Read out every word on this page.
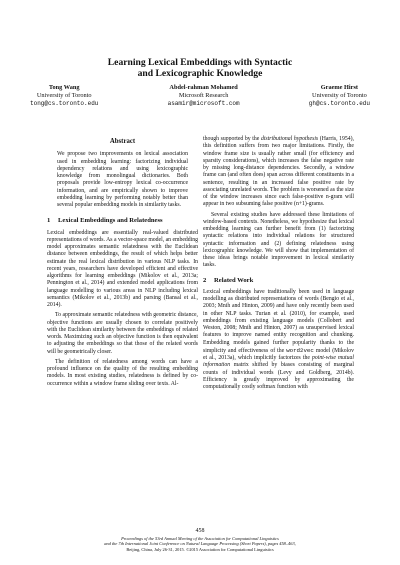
Learning Lexical Embeddings with Syntactic
and Lexicographic Knowledge
Tong Wang
University of Toronto
tong@cs.toronto.edu
Abdel-rahman Mohamed
Microsoft Research
asamir@microsoft.com
Graeme Hirst
University of Toronto
gh@cs.toronto.edu
Abstract

We propose two improvements on lexical association used in embedding learning: factorizing individual dependency relations and using lexicographic knowledge from monolingual dictionaries. Both proposals provide low-entropy lexical co-occurrence information, and are empirically shown to improve embedding learning by performing notably better than several popular embedding models in similarity tasks.

1	Lexical Embeddings and Relatedness

Lexical embeddings are essentially real-valued distributed representations of words. As a vector-space model, an embedding model approximates semantic relatedness with the Euclidean distance between embeddings, the result of which helps better estimate the real lexical distribution in various NLP tasks. In recent years, researchers have developed efficient and effective algorithms for learning embeddings (Mikolov et al., 2013a; Pennington et al., 2014) and extended model applications from language modelling to various areas in NLP including lexical semantics (Mikolov et al., 2013b) and parsing (Bansal et al., 2014).

To approximate semantic relatedness with geometric distance, objective functions are usually chosen to correlate positively with the Euclidean similarity between the embeddings of related words. Maximizing such an objective function is then equivalent to adjusting the embeddings so that those of the related words will be geometrically closer.

The definition of relatedness among words can have a profound influence on the quality of the resulting embedding models. In most existing studies, relatedness is defined by co-occurrence within a window frame sliding over texts. Al-

though supported by the distributional hypothesis (Harris, 1954), this definition suffers from two major limitations. Firstly, the window frame size is usually rather small (for efficiency and sparsity considerations), which increases the false negative rate by missing long-distance dependencies. Secondly, a window frame can (and often does) span across different constituents in a sentence, resulting in an increased false positive rate by associating unrelated words. The problem is worsened as the size of the window increases since each false-positive n-gram will appear in two subsuming false positive (n+1)-grams.

Several existing studies have addressed these limitations of window-based contexts. Nonetheless, we hypothesize that lexical embedding learning can further benefit from (1) factorizing syntactic relations into individual relations for structured syntactic information and (2) defining relatedness using lexicographic knowledge. We will show that implementation of these ideas brings notable improvement in lexical similarity tasks.

2	Related Work

Lexical embeddings have traditionally been used in language modelling as distributed representations of words (Bengio et al., 2003; Mnih and Hinton, 2009) and have only recently been used in other NLP tasks. Turian et al. (2010), for example, used embeddings from existing language models (Collobert and Weston, 2008; Mnih and Hinton, 2007) as unsupervised lexical features to improve named entity recognition and chunking. Embedding models gained further popularity thanks to the simplicity and effectiveness of the word2vec model (Mikolov et al., 2013a), which implicitly factorizes the point-wise mutual information matrix shifted by biases consisting of marginal counts of individual words (Levy and Goldberg, 2014b). Efficiency is greatly improved by approximating the computationally costly softmax function with

458
Proceedings of the 53rd Annual Meeting of the Association for Computational Linguistics
and the 7th International Joint Conference on Natural Language Processing (Short Papers), pages 458–463,
Beijing, China, July 26-31, 2015. ©2015 Association for Computational Linguistics
